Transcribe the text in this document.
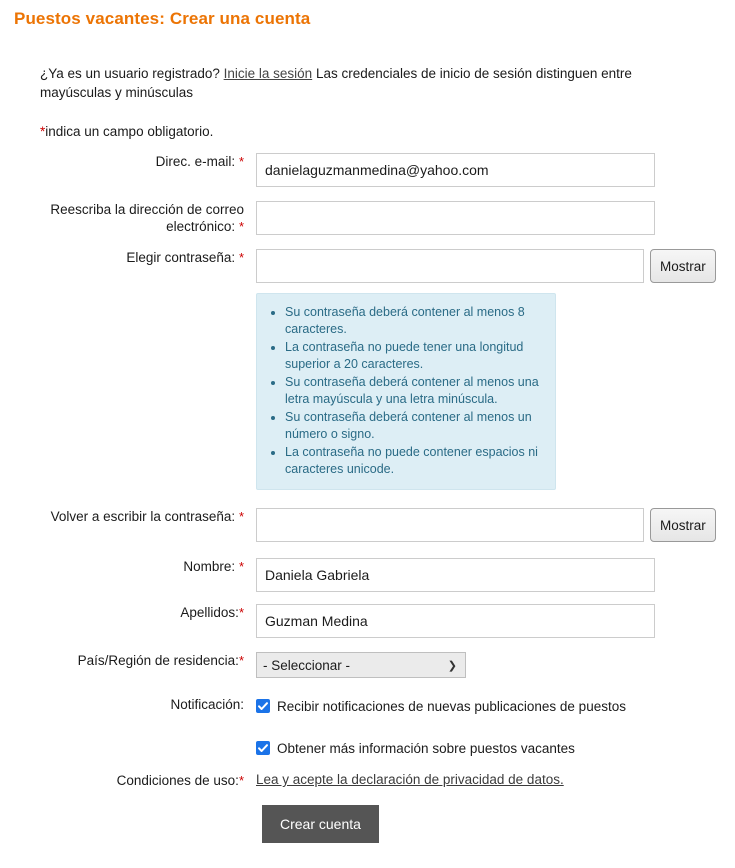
Puestos vacantes: Crear una cuenta

¿Ya es un usuario registrado? Inicie la sesión Las credenciales de inicio de sesión distinguen entre mayúsculas y minúsculas

*indica un campo obligatorio.

Direc. e-mail: *
danielaguzmanmedina@yahoo.com
Reescriba la dirección de correo electrónico: *
Elegir contraseña: *
Mostrar
• Su contraseña deberá contener al menos 8 caracteres.
• La contraseña no puede tener una longitud superior a 20 caracteres.
• Su contraseña deberá contener al menos una letra mayúscula y una letra minúscula.
• Su contraseña deberá contener al menos un número o signo.
• La contraseña no puede contener espacios ni caracteres unicode.
Volver a escribir la contraseña: *
Mostrar
Nombre: *
Daniela Gabriela
Apellidos:*
Guzman Medina
País/Región de residencia:*	- Seleccionar -	❯
Notificación:	Recibir notificaciones de nuevas publicaciones de puestos
Obtener más información sobre puestos vacantes
Condiciones de uso:* Lea y acepte la declaración de privacidad de datos.
Crear cuenta
